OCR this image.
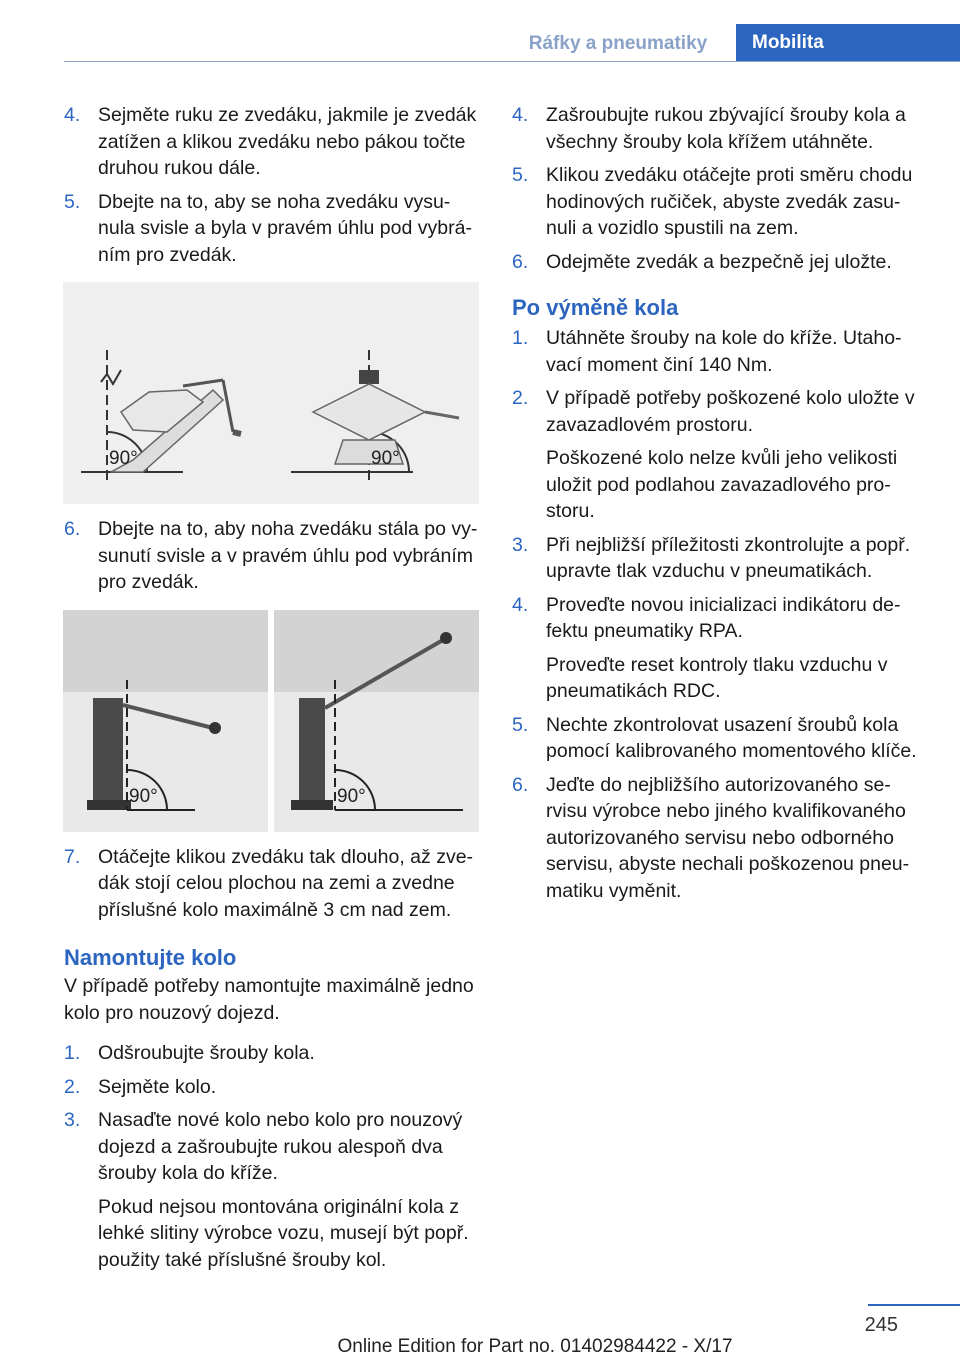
Ráfky a pneumatiky	Mobilita
4. Sejměte ruku ze zvedáku, jakmile je zvedák zatížen a klikou zvedáku nebo pákou točte druhou rukou dále.
5. Dbejte na to, aby se noha zvedáku vysu‐nula svisle a byla v pravém úhlu pod vybrá‐ním pro zvedák.
90°	90°
6. Dbejte na to, aby noha zvedáku stála po vy‐sunutí svisle a v pravém úhlu pod vybráním pro zvedák.
90°	90°
7. Otáčejte klikou zvedáku tak dlouho, až zve‐dák stojí celou plochou na zemi a zvedne příslušné kolo maximálně 3 cm nad zem.
Namontujte kolo
V případě potřeby namontujte maximálně jedno kolo pro nouzový dojezd.
1. Odšroubujte šrouby kola.
2. Sejměte kolo.
3. Nasaďte nové kolo nebo kolo pro nouzový dojezd a zašroubujte rukou alespoň dva šrouby kola do kříže.
Pokud nejsou montována originální kola z lehké slitiny výrobce vozu, musejí být popř. použity také příslušné šrouby kol.
4. Zašroubujte rukou zbývající šrouby kola a všechny šrouby kola křížem utáhněte.
5. Klikou zvedáku otáčejte proti směru chodu hodinových ručiček, abyste zvedák zasu‐nuli a vozidlo spustili na zem.
6. Odejměte zvedák a bezpečně jej uložte.
Po výměně kola
1. Utáhněte šrouby na kole do kříže. Utaho‐vací moment činí 140 Nm.
2. V případě potřeby poškozené kolo uložte v zavazadlovém prostoru.
Poškozené kolo nelze kvůli jeho velikosti uložit pod podlahou zavazadlového pro‐storu.
3. Při nejbližší příležitosti zkontrolujte a popř. upravte tlak vzduchu v pneumatikách.
4. Proveďte novou inicializaci indikátoru de‐fektu pneumatiky RPA.
Proveďte reset kontroly tlaku vzduchu v pneumatikách RDC.
5. Nechte zkontrolovat usazení šroubů kola pomocí kalibrovaného momentového klíče.
6. Jeďte do nejbližšího autorizovaného se‐rvisu výrobce nebo jiného kvalifikovaného autorizovaného servisu nebo odborného servisu, abyste nechali poškozenou pneu‐matiku vyměnit.
245
Online Edition for Part no. 01402984422 - X/17
